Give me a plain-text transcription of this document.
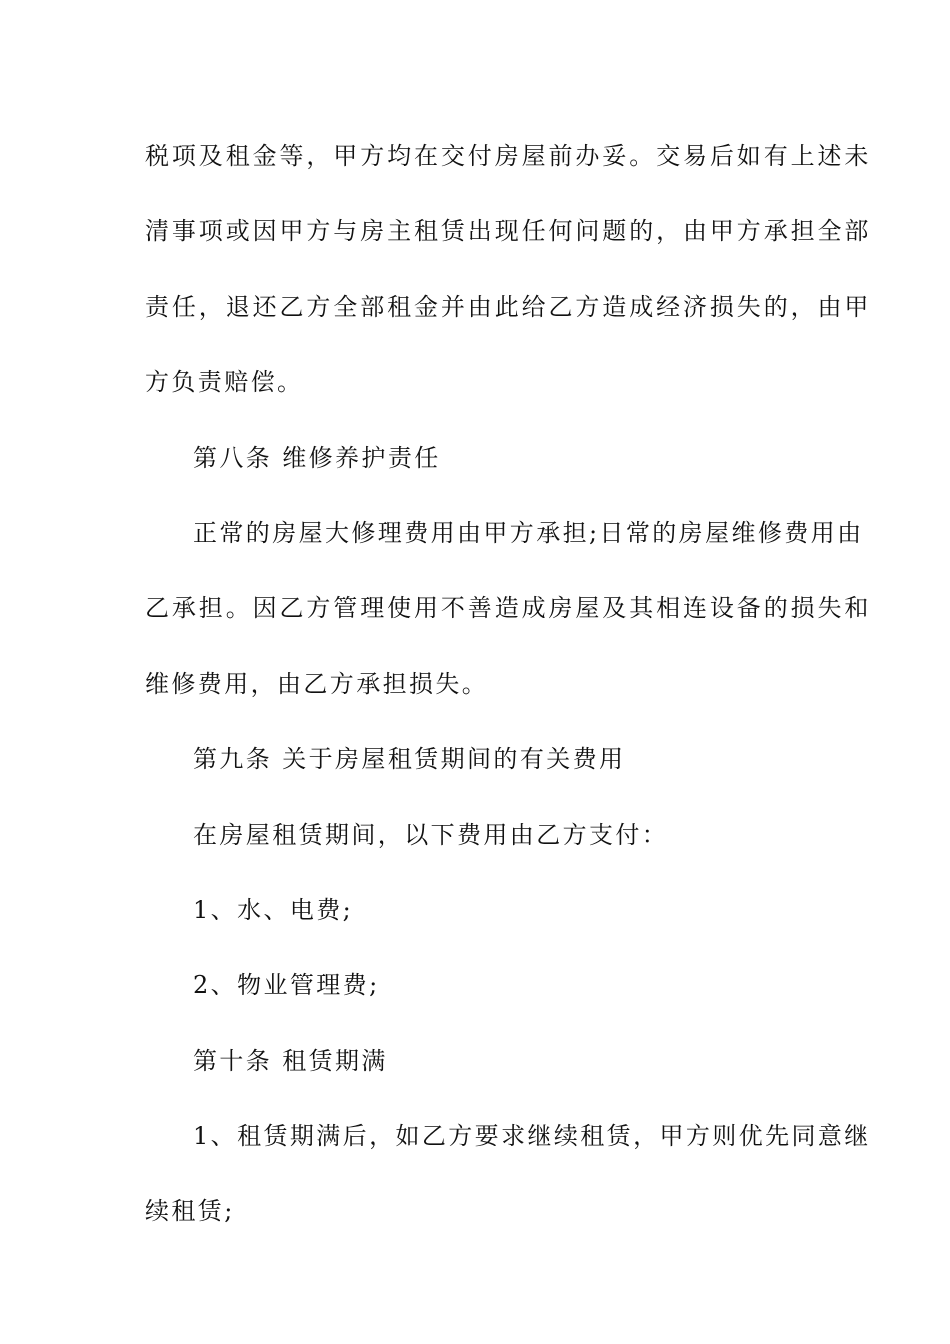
税项及租金等，甲方均在交付房屋前办妥。交易后如有上述未
清事项或因甲方与房主租赁出现任何问题的，由甲方承担全部
责任，退还乙方全部租金并由此给乙方造成经济损失的，由甲
方负责赔偿。
第八条 维修养护责任
正常的房屋大修理费用由甲方承担;日常的房屋维修费用由
乙承担。因乙方管理使用不善造成房屋及其相连设备的损失和
维修费用，由乙方承担损失。
第九条 关于房屋租赁期间的有关费用
在房屋租赁期间，以下费用由乙方支付：
1、水、电费;
2、物业管理费;
第十条 租赁期满
1、租赁期满后，如乙方要求继续租赁，甲方则优先同意继
续租赁;
